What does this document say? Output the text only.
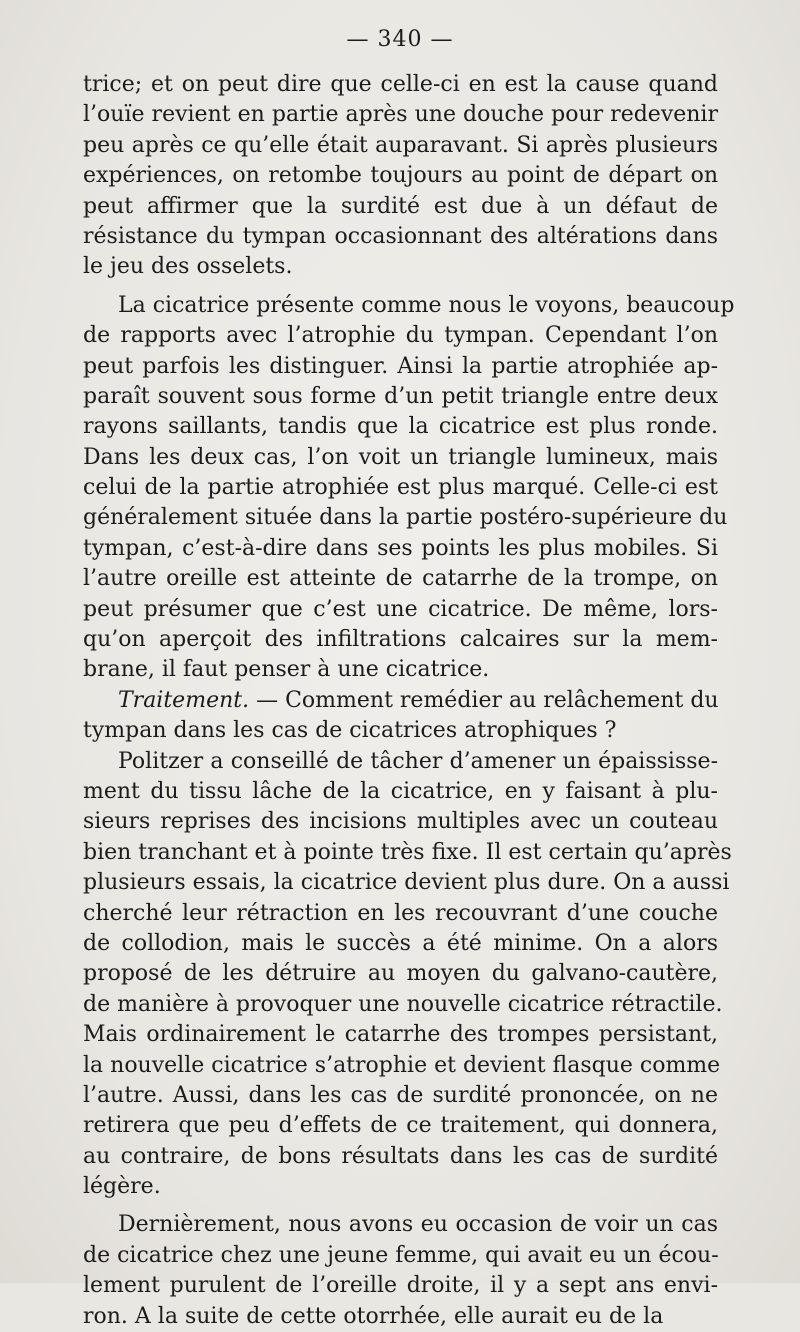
— 340 —
trice; et on peut dire que celle-ci en est la cause quand
l’ouïe revient en partie après une douche pour redevenir
peu après ce qu’elle était auparavant. Si après plusieurs
expériences, on retombe toujours au point de départ on
peut affirmer que la surdité est due à un défaut de
résistance du tympan occasionnant des altérations dans
le jeu des osselets.
La cicatrice présente comme nous le voyons, beaucoup
de rapports avec l’atrophie du tympan. Cependant l’on
peut parfois les distinguer. Ainsi la partie atrophiée ap-
paraît souvent sous forme d’un petit triangle entre deux
rayons saillants, tandis que la cicatrice est plus ronde.
Dans les deux cas, l’on voit un triangle lumineux, mais
celui de la partie atrophiée est plus marqué. Celle-ci est
généralement située dans la partie postéro-supérieure du
tympan, c’est-à-dire dans ses points les plus mobiles. Si
l’autre oreille est atteinte de catarrhe de la trompe, on
peut présumer que c’est une cicatrice. De même, lors-
qu’on aperçoit des infiltrations calcaires sur la mem-
brane, il faut penser à une cicatrice.
Traitement. — Comment remédier au relâchement du
tympan dans les cas de cicatrices atrophiques ?
Politzer a conseillé de tâcher d’amener un épaississe-
ment du tissu lâche de la cicatrice, en y faisant à plu-
sieurs reprises des incisions multiples avec un couteau
bien tranchant et à pointe très fixe. Il est certain qu’après
plusieurs essais, la cicatrice devient plus dure. On a aussi
cherché leur rétraction en les recouvrant d’une couche
de collodion, mais le succès a été minime. On a alors
proposé de les détruire au moyen du galvano-cautère,
de manière à provoquer une nouvelle cicatrice rétractile.
Mais ordinairement le catarrhe des trompes persistant,
la nouvelle cicatrice s’atrophie et devient flasque comme
l’autre. Aussi, dans les cas de surdité prononcée, on ne
retirera que peu d’effets de ce traitement, qui donnera,
au contraire, de bons résultats dans les cas de surdité
légère.
Dernièrement, nous avons eu occasion de voir un cas
de cicatrice chez une jeune femme, qui avait eu un écou-
lement purulent de l’oreille droite, il y a sept ans envi-
ron. A la suite de cette otorrhée, elle aurait eu de la
